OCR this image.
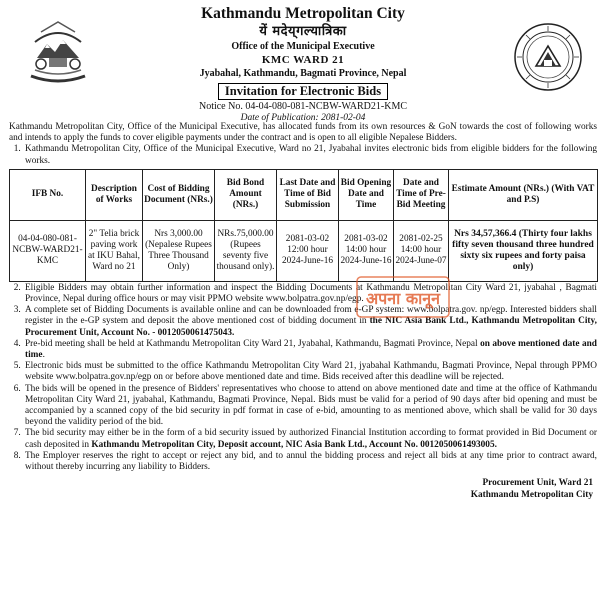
Kathmandu Metropolitan City
यें मदेय्‌गल्यात्रिका
Office of the Municipal Executive
KMC WARD 21
Jyabahal, Kathmandu, Bagmati Province, Nepal
Invitation for Electronic Bids
Notice No. 04-04-080-081-NCBW-WARD21-KMC
Date of Publication: 2081-02-04
Kathmandu Metropolitan City, Office of the Municipal Executive, has allocated funds from its own resources & GoN towards the cost of following works and intends to apply the funds to cover eligible payments under the contract and is open to all eligible Nepalese Bidders.
1. Kathmandu Metropolitan City, Office of the Municipal Executive, Ward no 21, Jyabahal invites electronic bids from eligible bidders for the following works.
IFB No.	Description of Works	Cost of Bidding Document (NRs.)	Bid Bond Amount (NRs.)	Last Date and Time of Bid Submission	Bid Opening Date and Time	Date and Time of Pre-Bid Meeting	Estimate Amount (NRs.) (With VAT and P.S)
04-04-080-081-NCBW-WARD21-KMC	2" Telia brick paving work at IKU Bahal, Ward no 21	Nrs 3,000.00 (Nepalese Rupees Three Thousand Only)	NRs.75,000.00 (Rupees seventy five thousand only).	2081-03-02 12:00 hour 2024-June-16	2081-03-02 14:00 hour 2024-June-16	2081-02-25 14:00 hour 2024-June-07	Nrs 34,57,366.4 (Thirty four lakhs fifty seven thousand three hundred sixty six rupees and forty paisa only)
अपना कानून
2. Eligible Bidders may obtain further information and inspect the Bidding Documents at Kathmandu Metropolitan City Ward 21, jyabahal , Bagmati Province, Nepal during office hours or may visit PPMO website www.bolpatra.gov.np/egp.
3. A complete set of Bidding Documents is available online and can be downloaded from e-GP system: www.bolpatra.gov. np/egp. Interested bidders shall register in the e-GP system and deposit the above mentioned cost of bidding document in the NIC Asia Bank Ltd., Kathmandu Metropolitan City, Procurement Unit, Account No. - 0012050061475043.
4. Pre-bid meeting shall be held at Kathmandu Metropolitan City Ward 21, Jyabahal, Kathmandu, Bagmati Province, Nepal on above mentioned date and time.
5. Electronic bids must be submitted to the office Kathmandu Metropolitan City Ward 21, jyabahal Kathmandu, Bagmati Province, Nepal through PPMO website www.bolpatra.gov.np/egp on or before above mentioned date and time. Bids received after this deadline will be rejected.
6. The bids will be opened in the presence of Bidders' representatives who choose to attend on above mentioned date and time at the office of Kathmandu Metropolitan City Ward 21, jyabahal, Kathmandu, Bagmati Province, Nepal. Bids must be valid for a period of 90 days after bid opening and must be accompanied by a scanned copy of the bid security in pdf format in case of e-bid, amounting to as mentioned above, which shall be valid for 30 days beyond the validity period of the bid.
7. The bid security may either be in the form of a bid security issued by authorized Financial Institution according to format provided in Bid Document or cash deposited in Kathmandu Metropolitan City, Deposit account, NIC Asia Bank Ltd., Account No. 0012050061493005.
8. The Employer reserves the right to accept or reject any bid, and to annul the bidding process and reject all bids at any time prior to contract award, without thereby incurring any liability to Bidders.
Procurement Unit, Ward 21
Kathmandu Metropolitan City
